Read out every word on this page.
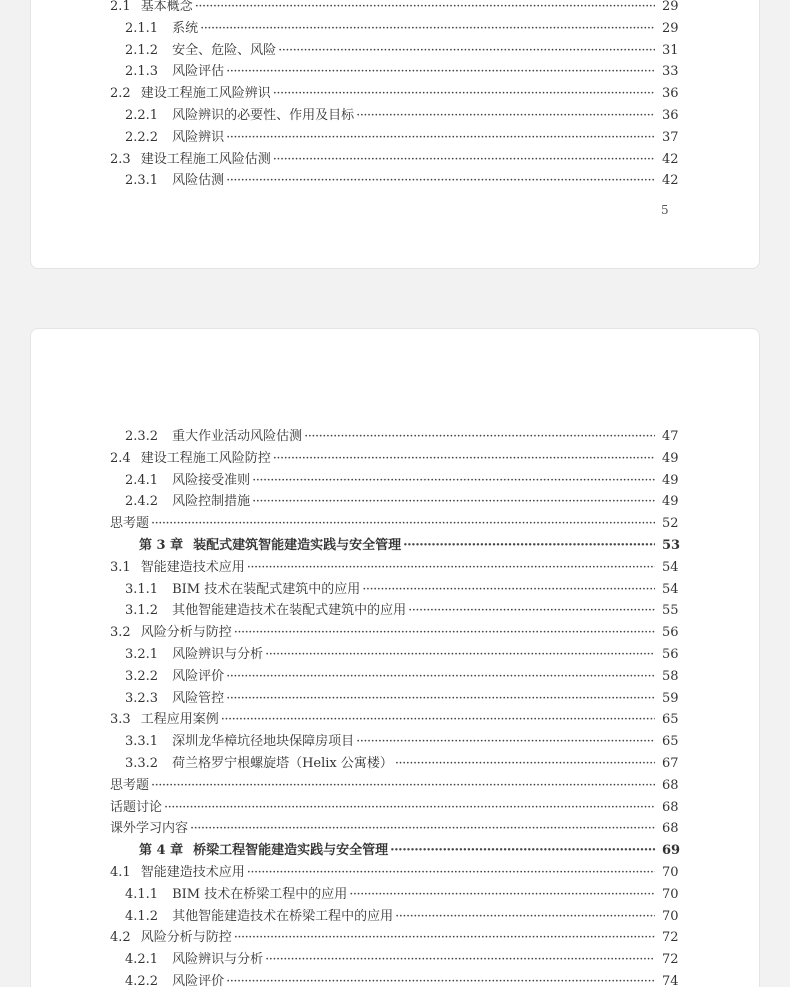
2.1 基本概念 ·····	29
2.1.1	系统 ·····	29
2.1.2	安全、危险、风险 ·····	31
2.1.3	风险评估 ·····	33
2.2 建设工程施工风险辨识 ·····	36
2.2.1	风险辨识的必要性、作用及目标 ·····	36
2.2.2	风险辨识 ·····	37
2.3 建设工程施工风险估测 ·····	42
2.3.1	风险估测 ·····	42
5
2.3.2	重大作业活动风险估测 ·····	47
2.4 建设工程施工风险防控 ·····	49
2.4.1	风险接受准则 ·····	49
2.4.2	风险控制措施 ·····	49
思考题 ·····	52
第 3 章 装配式建筑智能建造实践与安全管理 ·····	53
3.1 智能建造技术应用 ·····	54
3.1.1	BIM 技术在装配式建筑中的应用 ·····	54
3.1.2	其他智能建造技术在装配式建筑中的应用 ·····	55
3.2 风险分析与防控 ·····	56
3.2.1	风险辨识与分析 ·····	56
3.2.2	风险评价 ·····	58
3.2.3	风险管控 ·····	59
3.3 工程应用案例 ·····	65
3.3.1	深圳龙华樟坑径地块保障房项目 ·····	65
3.3.2	荷兰格罗宁根螺旋塔（Helix 公寓楼） ·····	67
思考题 ·····	68
话题讨论 ·····	68
课外学习内容 ·····	68
第 4 章 桥梁工程智能建造实践与安全管理 ·····	69
4.1 智能建造技术应用 ·····	70
4.1.1	BIM 技术在桥梁工程中的应用 ·····	70
4.1.2	其他智能建造技术在桥梁工程中的应用 ·····	70
4.2 风险分析与防控 ·····	72
4.2.1	风险辨识与分析 ·····	72
4.2.2	风险评价 ·····	74
